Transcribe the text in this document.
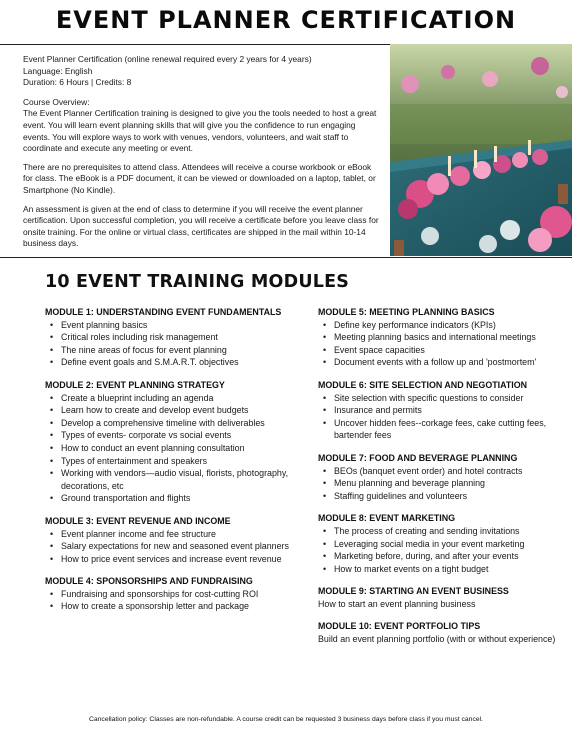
EVENT PLANNER CERTIFICATION
Event Planner Certification (online renewal required every 2 years for 4 years)
Language: English
Duration: 6 Hours | Credits: 8
Course Overview:

The Event Planner Certification training is designed to give you the tools needed to host a great event. You will learn event planning skills that will give you the confidence to run engaging events. You will explore ways to work with venues, vendors, volunteers, and wait staff to coordinate and execute any meeting or event.

There are no prerequisites to attend class. Attendees will receive a course workbook or eBook for class. The eBook is a PDF document, it can be viewed or downloaded on a laptop, tablet, or Smartphone (No Kindle).

An assessment is given at the end of class to determine if you will receive the event planner certification. Upon successful completion, you will receive a certificate before you leave class for onsite training. For the online or virtual class, certificates are shipped in the mail within 10-14 business days.

10 EVENT TRAINING MODULES
MODULE 1: UNDERSTANDING EVENT FUNDAMENTALS
• Event planning basics
• Critical roles including risk management
• The nine areas of focus for event planning
• Define event goals and S.M.A.R.T. objectives
MODULE 2: EVENT PLANNING STRATEGY
• Create a blueprint including an agenda
• Learn how to create and develop event budgets
• Develop a comprehensive timeline with deliverables
• Types of events- corporate vs social events
• How to conduct an event planning consultation
• Types of entertainment and speakers
• Working with vendors—audio visual, florists, photography, decorations, etc
• Ground transportation and flights
MODULE 3: EVENT REVENUE AND INCOME
• Event planner income and fee structure
• Salary expectations for new and seasoned event planners
• How to price event services and increase event revenue
MODULE 4: SPONSORSHIPS AND FUNDRAISING
• Fundraising and sponsorships for cost-cutting ROI
• How to create a sponsorship letter and package
MODULE 5: MEETING PLANNING BASICS
• Define key performance indicators (KPIs)
• Meeting planning basics and international meetings
• Event space capacities
• Document events with a follow up and 'postmortem'
MODULE 6: SITE SELECTION AND NEGOTIATION
• Site selection with specific questions to consider
• Insurance and permits
• Uncover hidden fees--corkage fees, cake cutting fees, bartender fees
MODULE 7: FOOD AND BEVERAGE PLANNING
• BEOs (banquet event order) and hotel contracts
• Menu planning and beverage planning
• Staffing guidelines and volunteers
MODULE 8: EVENT MARKETING
• The process of creating and sending invitations
• Leveraging social media in your event marketing
• Marketing before, during, and after your events
• How to market events on a tight budget
MODULE 9: STARTING AN EVENT BUSINESS

How to start an event planning business

MODULE 10: EVENT PORTFOLIO TIPS

Build an event planning portfolio (with or without experience)

Cancellation policy: Classes are non-refundable. A course credit can be requested 3 business days before class if you must cancel.
